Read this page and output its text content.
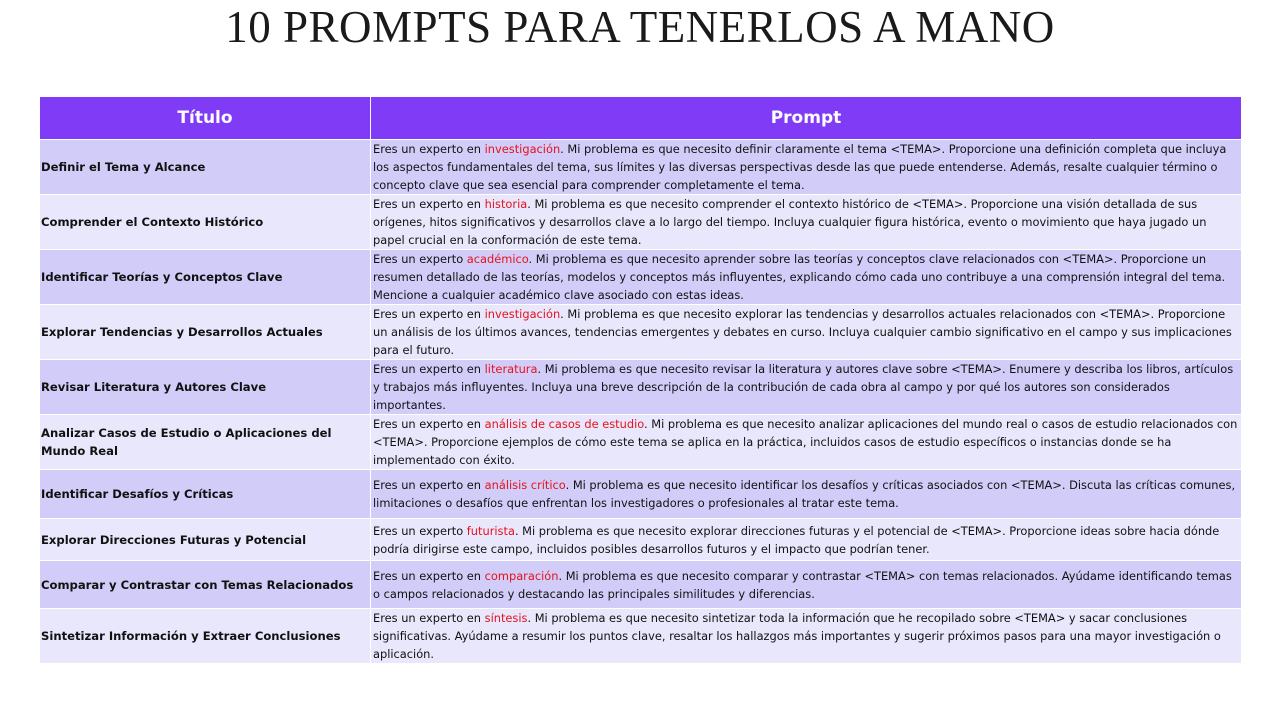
10 PROMPTS PARA TENERLOS A MANO
Título	Prompt
Definir el Tema y Alcance	Eres un experto en investigación. Mi problema es que necesito definir claramente el tema <TEMA>. Proporcione una definición completa que incluya los aspectos fundamentales del tema, sus límites y las diversas perspectivas desde las que puede entenderse. Además, resalte cualquier término o concepto clave que sea esencial para comprender completamente el tema.
Comprender el Contexto Histórico	Eres un experto en historia. Mi problema es que necesito comprender el contexto histórico de <TEMA>. Proporcione una visión detallada de sus orígenes, hitos significativos y desarrollos clave a lo largo del tiempo. Incluya cualquier figura histórica, evento o movimiento que haya jugado un papel crucial en la conformación de este tema.
Identificar Teorías y Conceptos Clave	Eres un experto académico. Mi problema es que necesito aprender sobre las teorías y conceptos clave relacionados con <TEMA>. Proporcione un resumen detallado de las teorías, modelos y conceptos más influyentes, explicando cómo cada uno contribuye a una comprensión integral del tema. Mencione a cualquier académico clave asociado con estas ideas.
Explorar Tendencias y Desarrollos Actuales	Eres un experto en investigación. Mi problema es que necesito explorar las tendencias y desarrollos actuales relacionados con <TEMA>. Proporcione un análisis de los últimos avances, tendencias emergentes y debates en curso. Incluya cualquier cambio significativo en el campo y sus implicaciones para el futuro.
Revisar Literatura y Autores Clave	Eres un experto en literatura. Mi problema es que necesito revisar la literatura y autores clave sobre <TEMA>. Enumere y describa los libros, artículos y trabajos más influyentes. Incluya una breve descripción de la contribución de cada obra al campo y por qué los autores son considerados importantes.
Analizar Casos de Estudio o Aplicaciones del Mundo Real	Eres un experto en análisis de casos de estudio. Mi problema es que necesito analizar aplicaciones del mundo real o casos de estudio relacionados con <TEMA>. Proporcione ejemplos de cómo este tema se aplica en la práctica, incluidos casos de estudio específicos o instancias donde se ha implementado con éxito.
Identificar Desafíos y Críticas	Eres un experto en análisis crítico. Mi problema es que necesito identificar los desafíos y críticas asociados con <TEMA>. Discuta las críticas comunes, limitaciones o desafíos que enfrentan los investigadores o profesionales al tratar este tema.
Explorar Direcciones Futuras y Potencial	Eres un experto futurista. Mi problema es que necesito explorar direcciones futuras y el potencial de <TEMA>. Proporcione ideas sobre hacia dónde podría dirigirse este campo, incluidos posibles desarrollos futuros y el impacto que podrían tener.
Comparar y Contrastar con Temas Relacionados	Eres un experto en comparación. Mi problema es que necesito comparar y contrastar <TEMA> con temas relacionados. Ayúdame identificando temas o campos relacionados y destacando las principales similitudes y diferencias.
Sintetizar Información y Extraer Conclusiones	Eres un experto en síntesis. Mi problema es que necesito sintetizar toda la información que he recopilado sobre <TEMA> y sacar conclusiones significativas. Ayúdame a resumir los puntos clave, resaltar los hallazgos más importantes y sugerir próximos pasos para una mayor investigación o aplicación.
